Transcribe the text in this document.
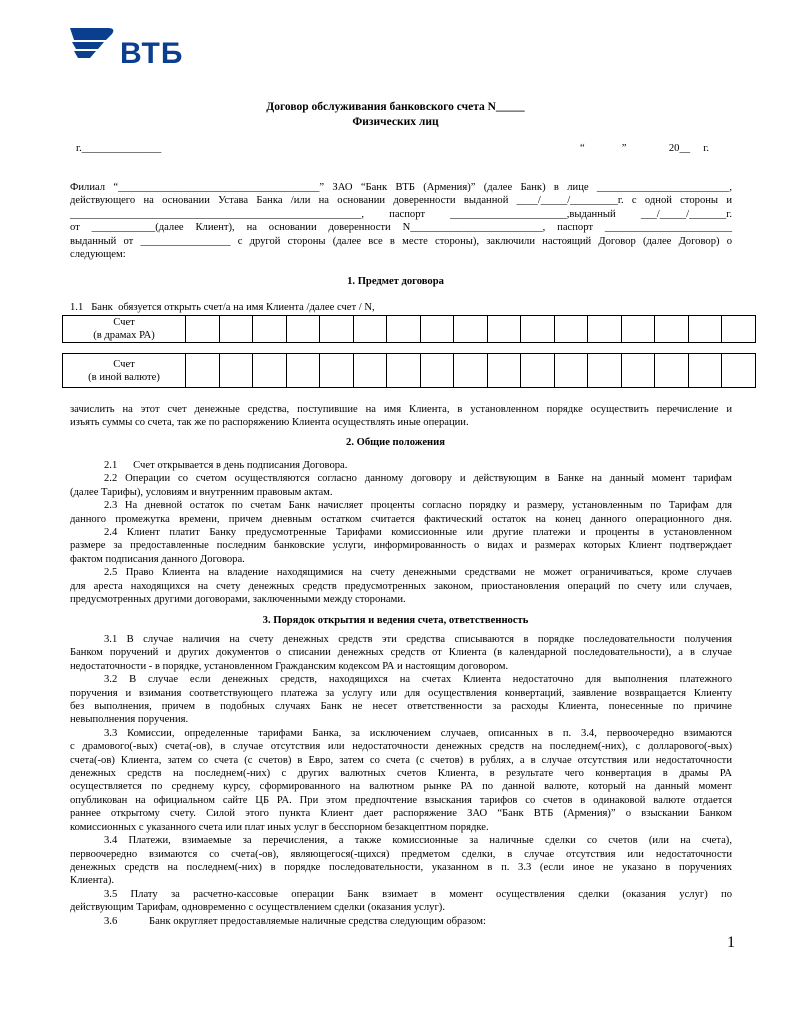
ВТБ
Договор обслуживания банковского счета N_____
Физических лиц
г._______________	“              ”                20__     г.
Филиал “______________________________________” ЗАО “Банк ВТБ (Армения)” (далее Банк) в лице _________________________,
действующего на основании Устава Банка /или на основании доверенности выданной ____/_____/_________г. с одной стороны и
_______________________________________________________, паспорт ______________________,выданный ___/_____/_______г.
от ____________(далее Клиент), на основании доверенности N_________________________, паспорт ________________________
выданный от _________________ с другой стороны (далее все в месте стороны), заключили настоящий Договор (далее Договор) о
следующем:
1. Предмет договора
1.1   Банк  обязуется открыть счет/а на имя Клиента /далее счет / N,
Счет
(в драмах РА)

Счет
(в иной валюте)

зачислить на этот счет денежные средства, поступившие на имя Клиента, в установленном порядке осуществить перечисление и
изъять суммы со счета, так же по распоряжению Клиента осуществлять иные операции.
2. Общие положения
2.1      Счет открывается в день подписания Договора.
2.2 Операции со счетом осуществляются согласно данному договору и действующим в Банке на данный момент тарифам
(далее Тарифы), условиям и внутренним правовым актам.
2.3 На дневной остаток по счетам Банк начисляет проценты согласно порядку и размеру, установленным по Тарифам для
данного промежутка времени, причем дневным остатком считается фактический остаток на конец данного операционного дня.
2.4 Клиент платит Банку предусмотренные Тарифами комиссионные или другие платежи и проценты в установленном
размере за предоставленные последним банковские услуги, информированность о видах и размерах которых Клиент подтверждает
фактом подписания данного Договора.
2.5 Право Клиента на владение находящимися на счету денежными средствами не может ограничиваться, кроме случаев
для ареста находящихся на счету денежных средств предусмотренных законом, приостановления операций по счету или случаев,
предусмотренных другими договорами, заключенными между сторонами.
3. Порядок открытия и ведения счета, ответственность
3.1 В случае наличия на счету денежных средств эти средства списываются в порядке последовательности получения
Банком поручений и других документов о списании денежных средств от Клиента (в календарной последовательности), а в случае
недостаточности - в порядке, установленном Гражданским кодексом РА и настоящим договором.
3.2 В случае если денежных средств, находящихся на счетах Клиента недостаточно для выполнения платежного
поручения и взимания соответствующего платежа за услугу или для осуществления конвертаций, заявление возвращается Клиенту
без выполнения, причем в подобных случаях Банк не несет ответственности за расходы Клиента, понесенные по причине
невыполнения поручения.
3.3 Комиссии, определенные тарифами Банка, за исключением случаев, описанных в п. 3.4, первоочередно взимаются
с драмового(-вых) счета(-ов), в случае отсутствия или недостаточности денежных средств на последнем(-них), с долларового(-вых)
счета(-ов) Клиента, затем со счета (с счетов) в Евро, затем со счета (с счетов) в рублях, а в случае отсутствия или недостаточности
денежных средств на последнем(-них) с других валютных счетов Клиента, в результате чего конвертация в драмы РА
осуществляется по среднему курсу, сформированного на валютном рынке РА по данной валюте, который на данный момент
опубликован на официальном сайте ЦБ РА. При этом предпочтение взыскания тарифов со счетов в одинаковой валюте отдается
раннее открытому счету. Силой этого пункта Клиент дает распоряжение ЗАО “Банк ВТБ (Армения)” о взыскании Банком
комиссионных с указанного счета или плат иных услуг в бесспорном безакцептном порядке.
3.4 Платежи, взимаемые за перечисления, а также комиссионные за наличные сделки со счетов (или на счета),
первоочередно взимаются со счета(-ов), являющегося(-щихся) предметом сделки, в случае отсутствия или недостаточности
денежных средств на последнем(-них) в порядке последовательности, указанном в п. 3.3 (если иное не указано в поручениях
Клиента).
3.5 Плату за расчетно-кассовые операции Банк взимает в момент осуществления сделки (оказания услуг) по
действующим Тарифам, одновременно с осуществлением сделки (оказания услуг).
3.6            Банк округляет предоставляемые наличные средства следующим образом:
1
